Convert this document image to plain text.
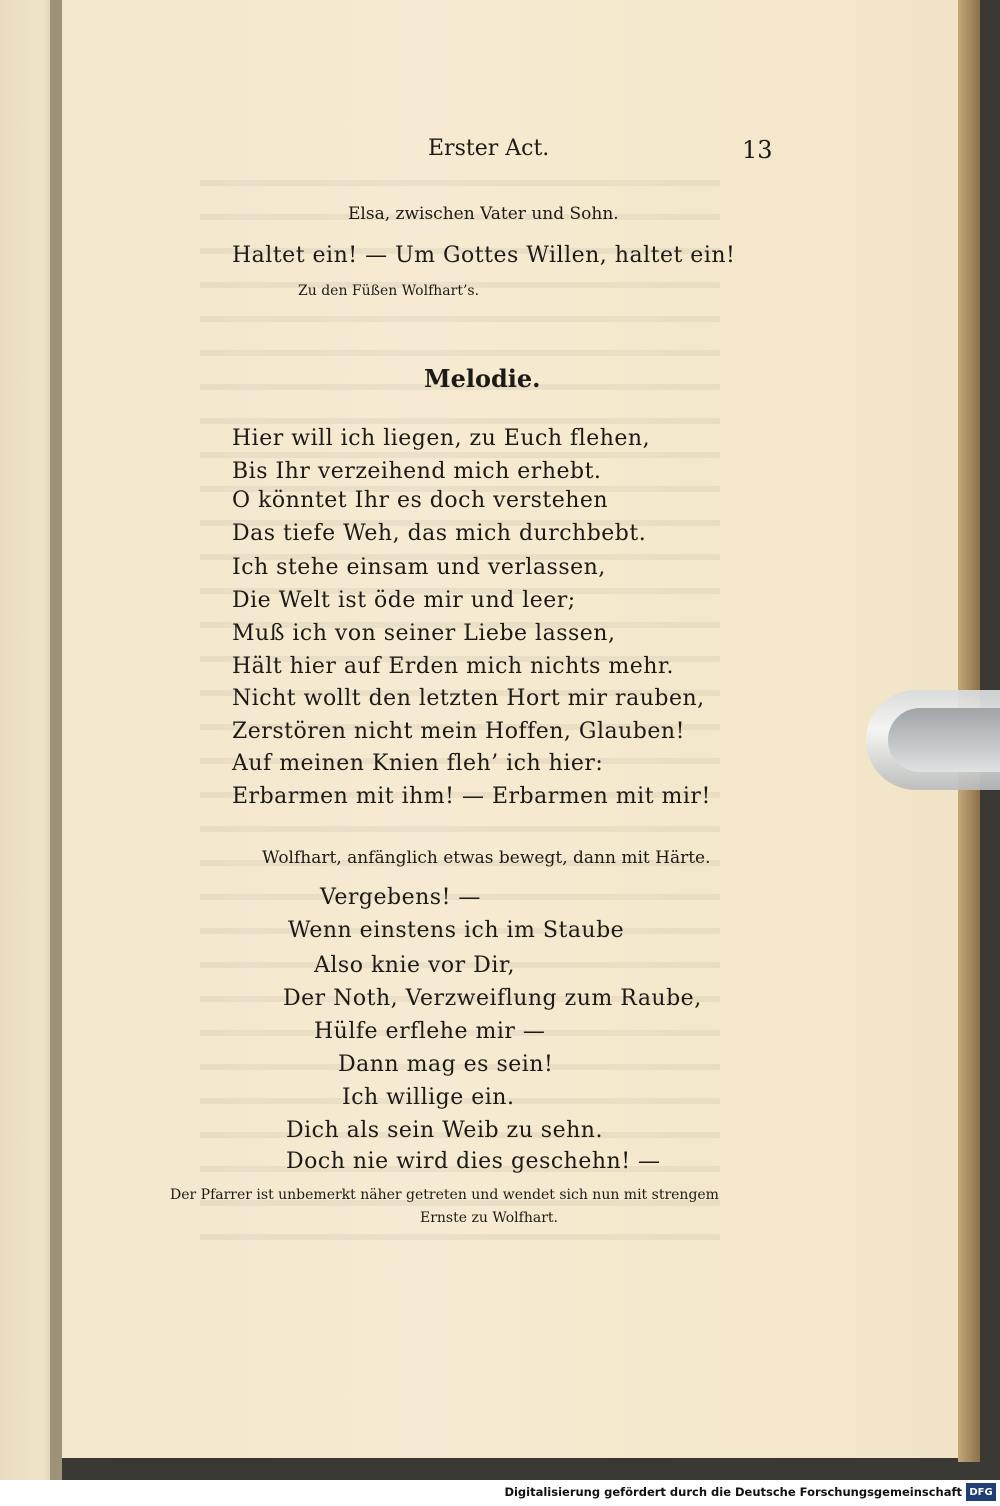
Erster Act.	13
Elsa, zwischen Vater und Sohn.
Haltet ein! — Um Gottes Willen, haltet ein!
Zu den Füßen Wolfhart’s.
Melodie.
Hier will ich liegen, zu Euch flehen,
Bis Ihr verzeihend mich erhebt.
O könntet Ihr es doch verstehen
Das tiefe Weh, das mich durchbebt.
Ich stehe einsam und verlassen,
Die Welt ist öde mir und leer;
Muß ich von seiner Liebe lassen,
Hält hier auf Erden mich nichts mehr.
Nicht wollt den letzten Hort mir rauben,
Zerstören nicht mein Hoffen, Glauben!
Auf meinen Knien fleh’ ich hier:
Erbarmen mit ihm! — Erbarmen mit mir!
Wolfhart, anfänglich etwas bewegt, dann mit Härte.
Vergebens! —
Wenn einstens ich im Staube
Also knie vor Dir,
Der Noth, Verzweiflung zum Raube,
Hülfe erflehe mir —
Dann mag es sein!
Ich willige ein.
Dich als sein Weib zu sehn.
Doch nie wird dies geschehn! —
Der Pfarrer ist unbemerkt näher getreten und wendet sich nun mit strengem
Ernste zu Wolfhart.
Digitalisierung gefördert durch die Deutsche Forschungsgemeinschaft DFG
